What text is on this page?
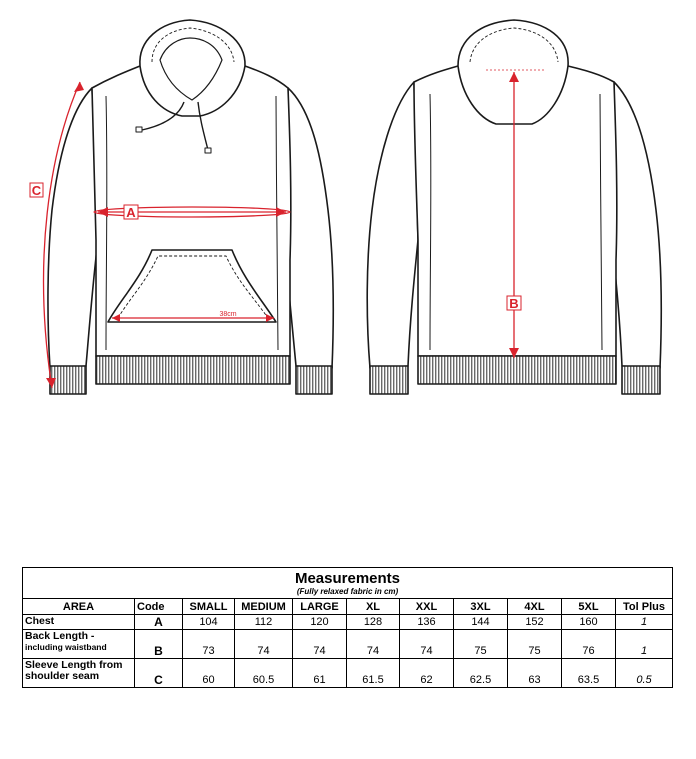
C
A
38cm
B
Measurements
(Fully relaxed fabric in cm)										

AREA	Code	SMALL	MEDIUM	LARGE	XL	XXL	3XL	4XL	5XL	Tol Plus
Chest	A	104	112	120	128	136	144	152	160	1
Back Length -
including waistband	B	73	74	74	74	74	75	75	76	1
Sleeve Length from
shoulder seam	C	60	60.5	61	61.5	62	62.5	63	63.5	0.5
